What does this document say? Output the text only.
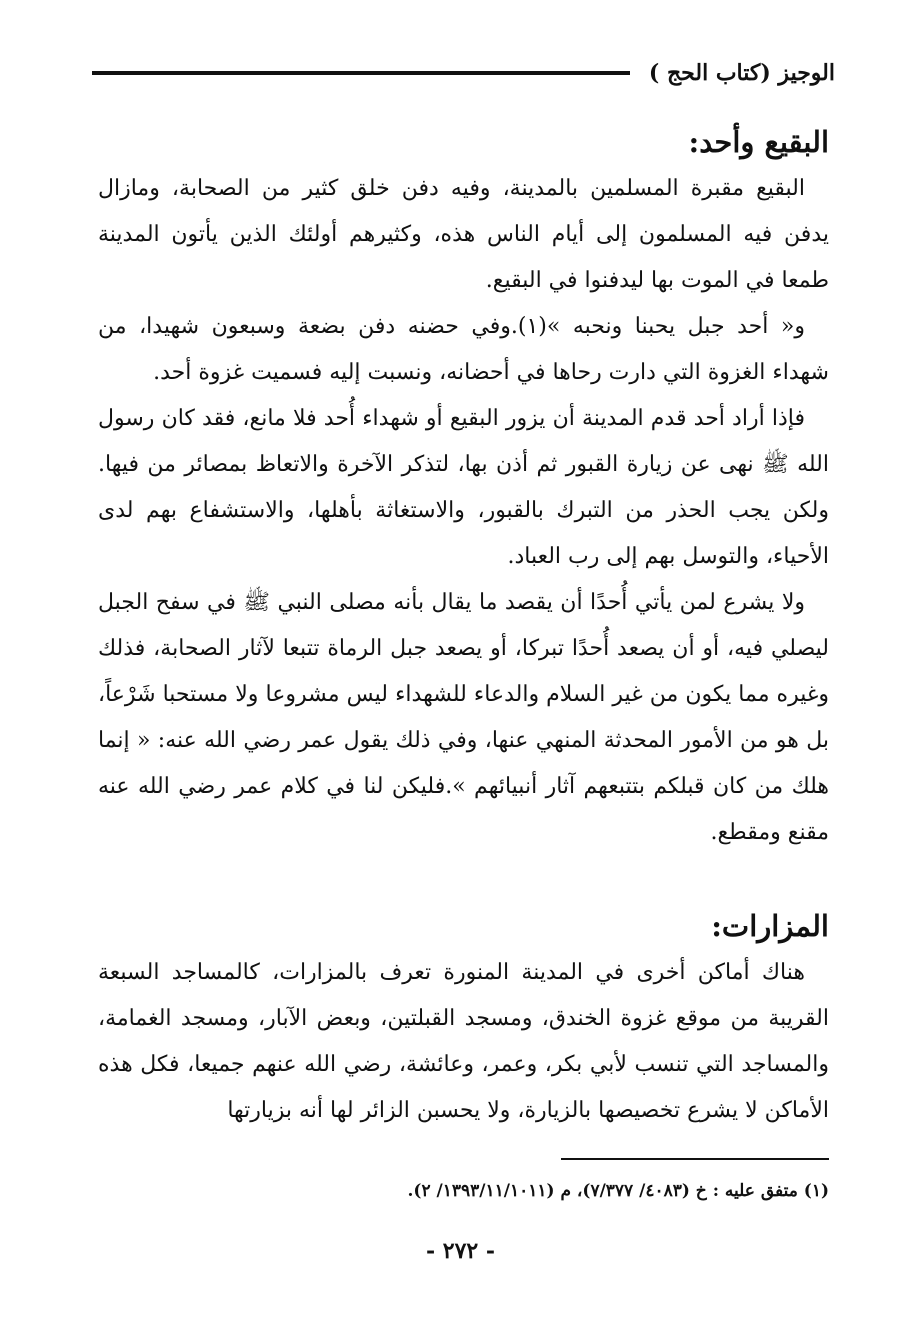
الوجيز (كتاب الحج )
البقيع وأحد:

البقيع مقبرة المسلمين بالمدينة، وفيه دفن خلق كثير من الصحابة، ومازال يدفن فيه المسلمون إلى أيام الناس هذه، وكثيرهم أولئك الذين يأتون المدينة طمعا في الموت بها ليدفنوا في البقيع.

و« أحد جبل يحبنا ونحبه »(١).وفي حضنه دفن بضعة وسبعون شهيدا، من شهداء الغزوة التي دارت رحاها في أحضانه، ونسبت إليه فسميت غزوة أحد.

فإذا أراد أحد قدم المدينة أن يزور البقيع أو شهداء أُحد فلا مانع، فقد كان رسول الله ﷺ نهى عن زيارة القبور ثم أذن بها، لتذكر الآخرة والاتعاظ بمصائر من فيها. ولكن يجب الحذر من التبرك بالقبور، والاستغاثة بأهلها، والاستشفاع بهم لدى الأحياء، والتوسل بهم إلى رب العباد.

ولا يشرع لمن يأتي أُحدًا أن يقصد ما يقال بأنه مصلى النبي ﷺ في سفح الجبل ليصلي فيه، أو أن يصعد أُحدًا تبركا، أو يصعد جبل الرماة تتبعا لآثار الصحابة، فذلك وغيره مما يكون من غير السلام والدعاء للشهداء ليس مشروعا ولا مستحبا شَرْعاً، بل هو من الأمور المحدثة المنهي عنها، وفي ذلك يقول عمر رضي الله عنه: « إنما هلك من كان قبلكم بتتبعهم آثار أنبيائهم ».فليكن لنا في كلام عمر رضي الله عنه مقنع ومقطع.

المزارات:

هناك أماكن أخرى في المدينة المنورة تعرف بالمزارات، كالمساجد السبعة القريبة من موقع غزوة الخندق، ومسجد القبلتين، وبعض الآبار، ومسجد الغمامة، والمساجد التي تنسب لأبي بكر، وعمر، وعائشة، رضي الله عنهم جميعا، فكل هذه الأماكن لا يشرع تخصيصها بالزيارة، ولا يحسبن الزائر لها أنه بزيارتها

(١) متفق عليه : خ (٤٠٨٣/ ٧/٣٧٧)، م (١٣٩٣/١١/١٠١١/ ٢).
- ٢٧٢ -
